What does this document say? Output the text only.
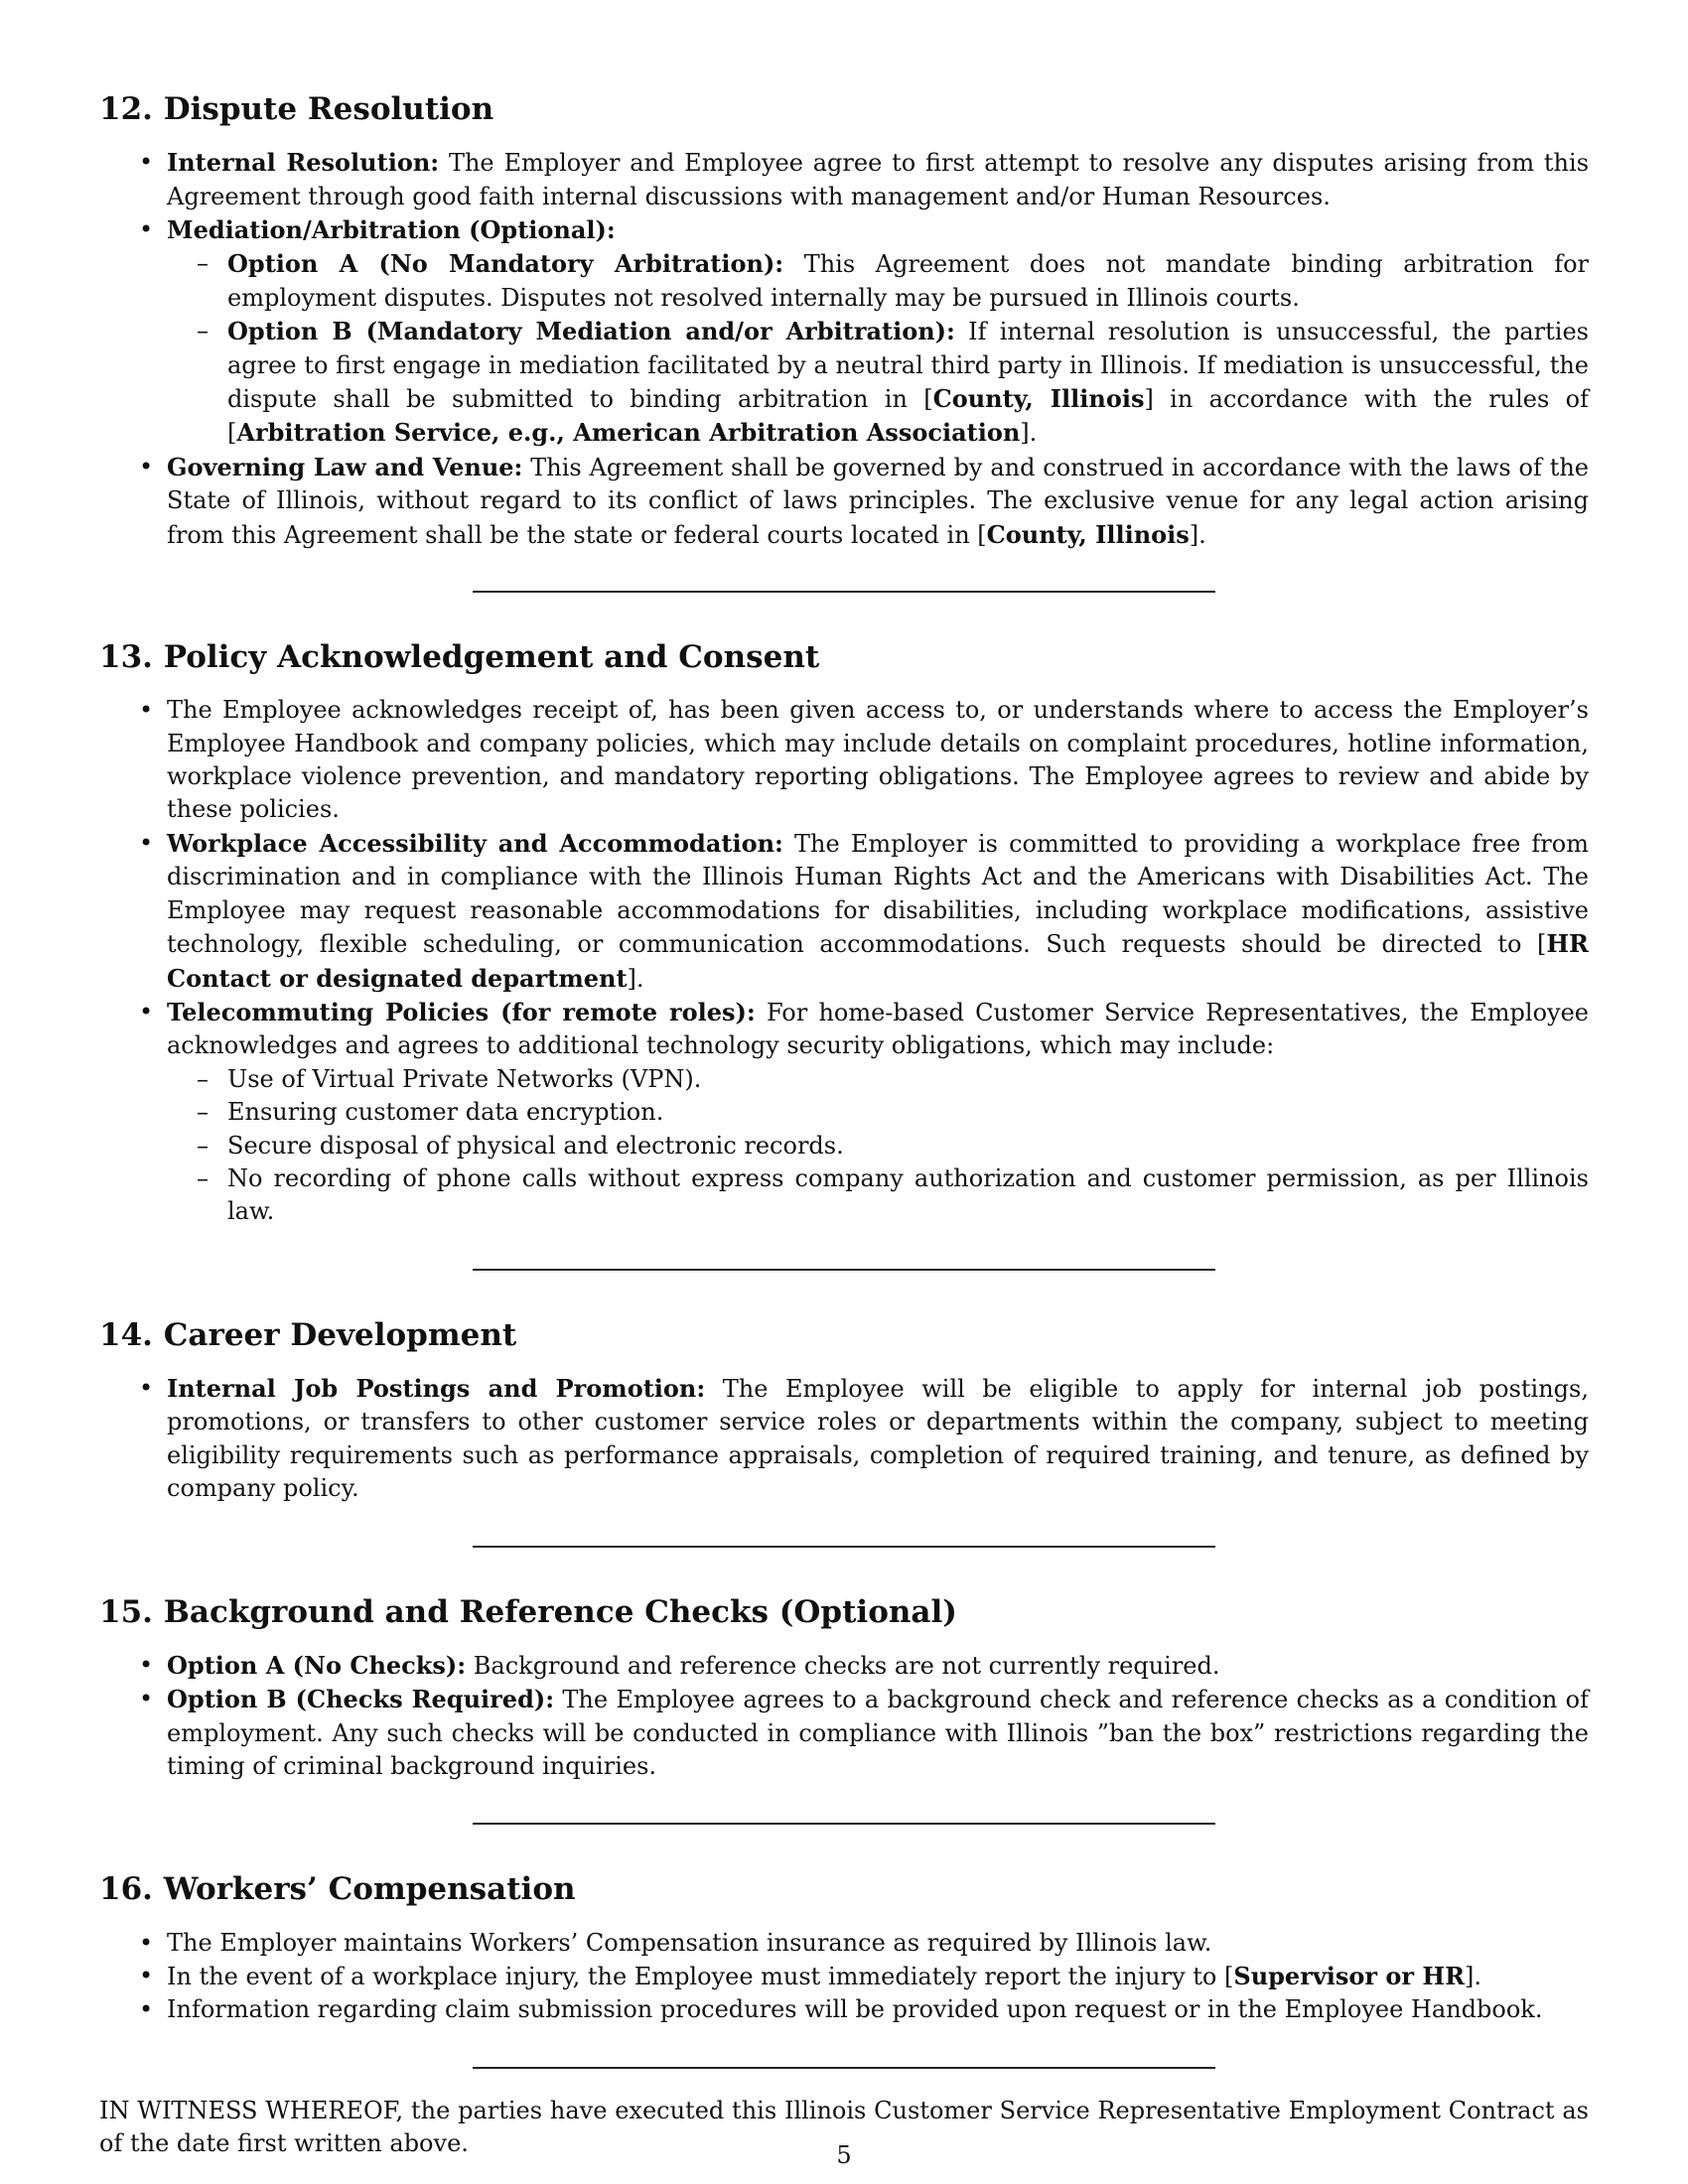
12. Dispute Resolution
• Internal Resolution: The Employer and Employee agree to first attempt to resolve any disputes arising from this Agreement through good faith internal discussions with management and/or Human Resources.
• Mediation/Arbitration (Optional):
– Option A (No Mandatory Arbitration): This Agreement does not mandate binding arbitration for employment disputes. Disputes not resolved internally may be pursued in Illinois courts.
– Option B (Mandatory Mediation and/or Arbitration): If internal resolution is unsuccessful, the parties agree to first engage in mediation facilitated by a neutral third party in Illinois. If mediation is unsuccessful, the dispute shall be submitted to binding arbitration in [County, Illinois] in accordance with the rules of [Arbitration Service, e.g., American Arbitration Association].
• Governing Law and Venue: This Agreement shall be governed by and construed in accordance with the laws of the State of Illinois, without regard to its conflict of laws principles. The exclusive venue for any legal action arising from this Agreement shall be the state or federal courts located in [County, Illinois].
13. Policy Acknowledgement and Consent
• The Employee acknowledges receipt of, has been given access to, or understands where to access the Employer’s Employee Handbook and company policies, which may include details on complaint procedures, hotline information, workplace violence prevention, and mandatory reporting obligations. The Employee agrees to review and abide by these policies.
• Workplace Accessibility and Accommodation: The Employer is committed to providing a workplace free from discrimination and in compliance with the Illinois Human Rights Act and the Americans with Disabilities Act. The Employee may request reasonable accommodations for disabilities, including workplace modifications, assistive technology, flexible scheduling, or communication accommodations. Such requests should be directed to [HR Contact or designated department].
• Telecommuting Policies (for remote roles): For home-based Customer Service Representatives, the Employee acknowledges and agrees to additional technology security obligations, which may include:
– Use of Virtual Private Networks (VPN).
– Ensuring customer data encryption.
– Secure disposal of physical and electronic records.
– No recording of phone calls without express company authorization and customer permission, as per Illinois law.
14. Career Development
• Internal Job Postings and Promotion: The Employee will be eligible to apply for internal job postings, promotions, or transfers to other customer service roles or departments within the company, subject to meeting eligibility requirements such as performance appraisals, completion of required training, and tenure, as defined by company policy.
15. Background and Reference Checks (Optional)
• Option A (No Checks): Background and reference checks are not currently required.
• Option B (Checks Required): The Employee agrees to a background check and reference checks as a condition of employment. Any such checks will be conducted in compliance with Illinois ”ban the box” restrictions regarding the timing of criminal background inquiries.
16. Workers’ Compensation
• The Employer maintains Workers’ Compensation insurance as required by Illinois law.
• In the event of a workplace injury, the Employee must immediately report the injury to [Supervisor or HR].
• Information regarding claim submission procedures will be provided upon request or in the Employee Handbook.

IN WITNESS WHEREOF, the parties have executed this Illinois Customer Service Representative Employment Contract as of the date first written above.	5
